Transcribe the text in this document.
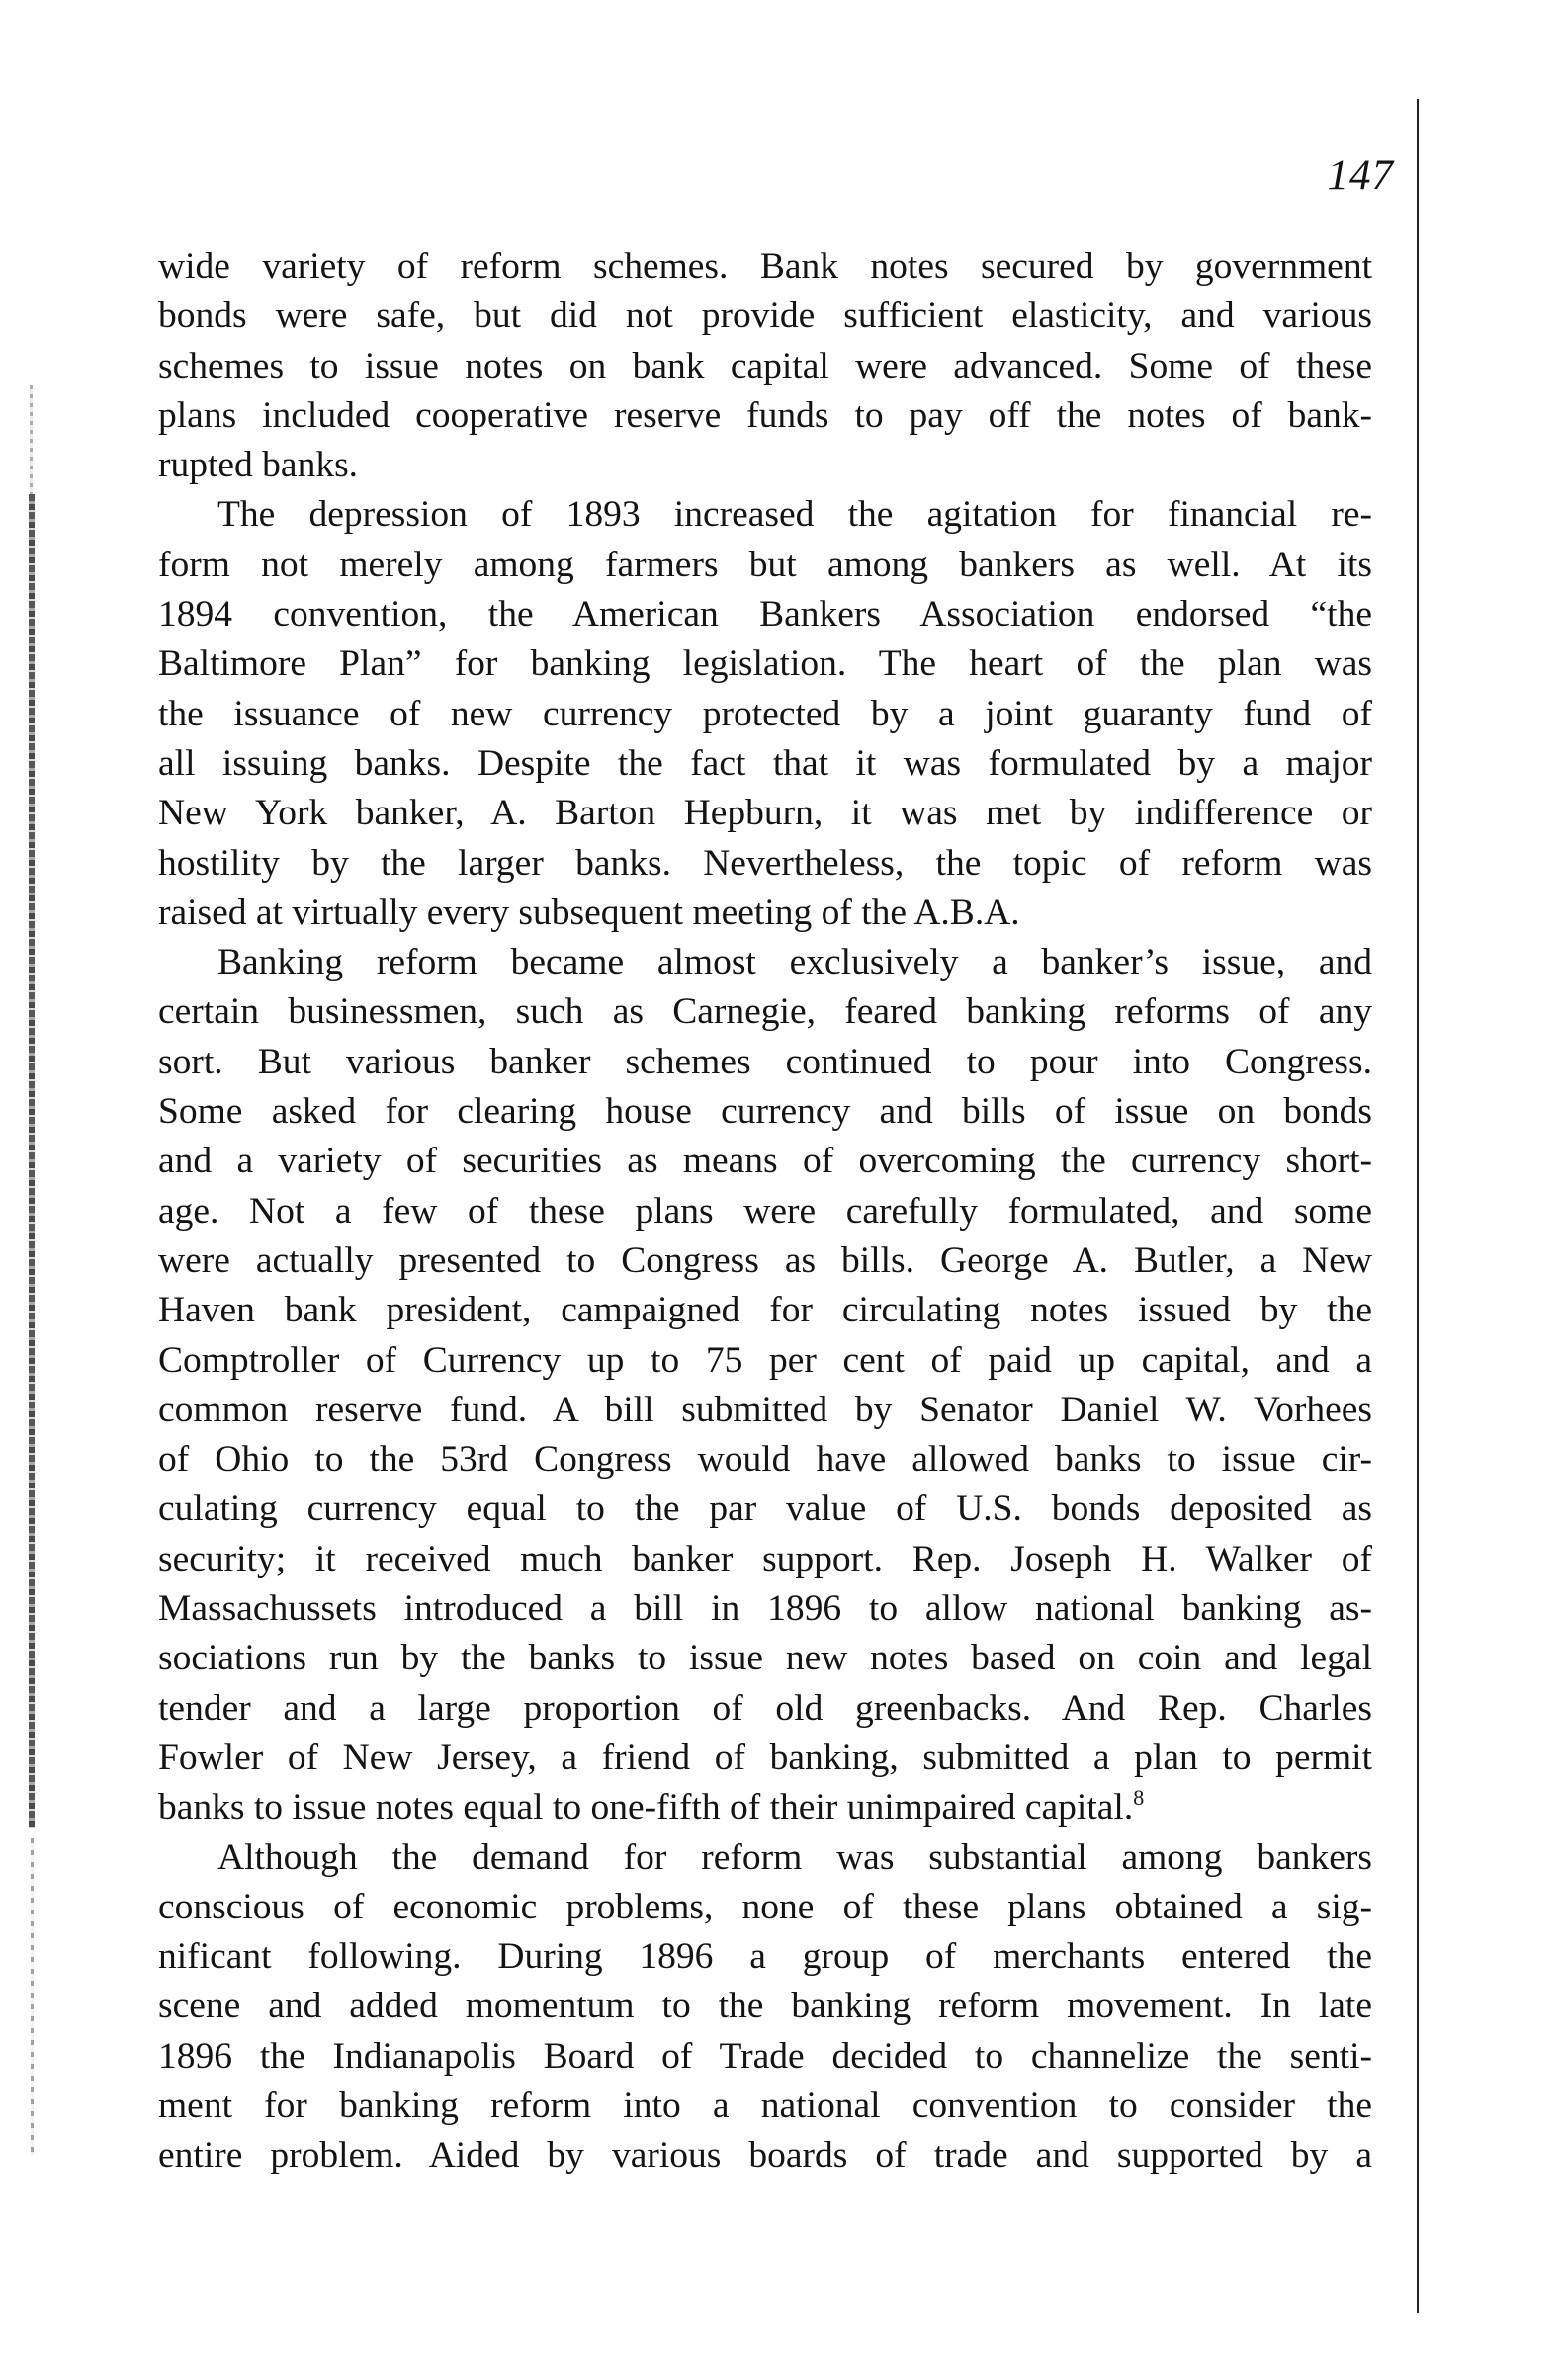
147

wide variety of reform schemes. Bank notes secured by government

bonds were safe, but did not provide sufficient elasticity, and various

schemes to issue notes on bank capital were advanced. Some of these

plans included cooperative reserve funds to pay off the notes of bank-

rupted banks.

The depression of 1893 increased the agitation for financial re-

form not merely among farmers but among bankers as well. At its

1894 convention, the American Bankers Association endorsed “the

Baltimore Plan” for banking legislation. The heart of the plan was

the issuance of new currency protected by a joint guaranty fund of

all issuing banks. Despite the fact that it was formulated by a major

New York banker, A. Barton Hepburn, it was met by indifference or

hostility by the larger banks. Nevertheless, the topic of reform was

raised at virtually every subsequent meeting of the A.B.A.

Banking reform became almost exclusively a banker’s issue, and

certain businessmen, such as Carnegie, feared banking reforms of any

sort. But various banker schemes continued to pour into Congress.

Some asked for clearing house currency and bills of issue on bonds

and a variety of securities as means of overcoming the currency short-

age. Not a few of these plans were carefully formulated, and some

were actually presented to Congress as bills. George A. Butler, a New

Haven bank president, campaigned for circulating notes issued by the

Comptroller of Currency up to 75 per cent of paid up capital, and a

common reserve fund. A bill submitted by Senator Daniel W. Vorhees

of Ohio to the 53rd Congress would have allowed banks to issue cir-

culating currency equal to the par value of U.S. bonds deposited as

security; it received much banker support. Rep. Joseph H. Walker of

Massachussets introduced a bill in 1896 to allow national banking as-

sociations run by the banks to issue new notes based on coin and legal

tender and a large proportion of old greenbacks. And Rep. Charles

Fowler of New Jersey, a friend of banking, submitted a plan to permit

banks to issue notes equal to one-fifth of their unimpaired capital.$^8$

Although the demand for reform was substantial among bankers

conscious of economic problems, none of these plans obtained a sig-

nificant following. During 1896 a group of merchants entered the

scene and added momentum to the banking reform movement. In late

1896 the Indianapolis Board of Trade decided to channelize the senti-

ment for banking reform into a national convention to consider the

entire problem. Aided by various boards of trade and supported by a
